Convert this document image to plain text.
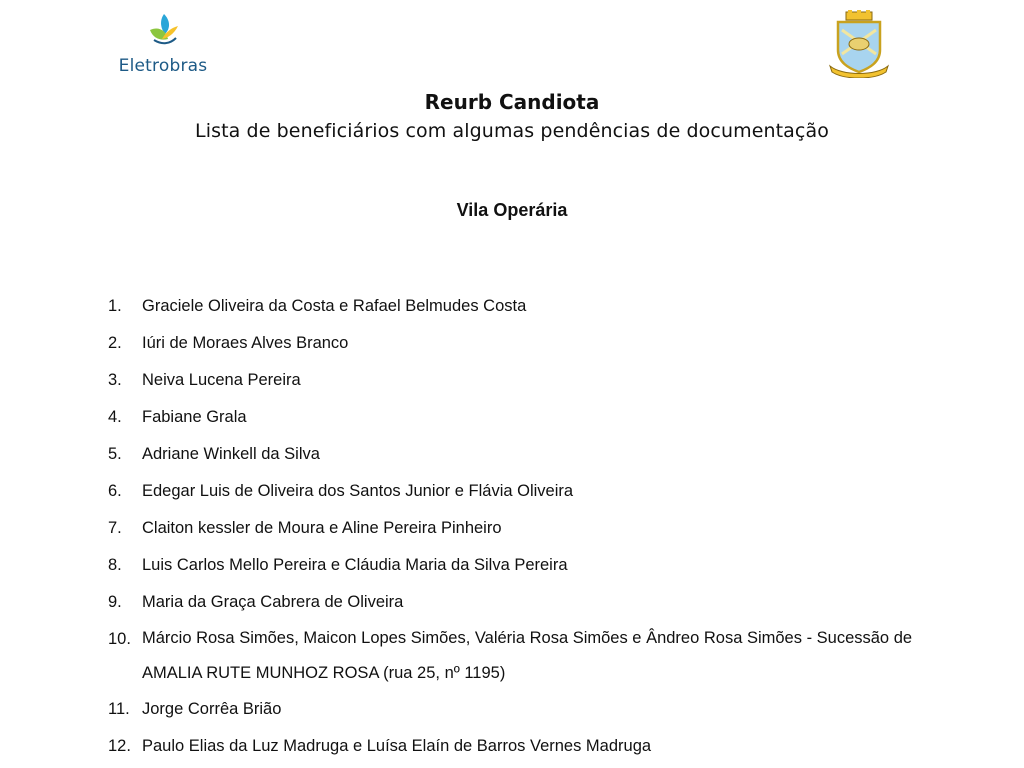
Eletrobras
Reurb Candiota
Lista de beneficiários com algumas pendências de documentação
Vila Operária
1.	Graciele Oliveira da Costa e Rafael Belmudes Costa
2.	Iúri de Moraes Alves Branco
3.	Neiva Lucena Pereira
4.	Fabiane Grala
5.	Adriane Winkell da Silva
6.	Edegar Luis de Oliveira dos Santos Junior e Flávia Oliveira
7.	Claiton kessler de Moura e Aline Pereira Pinheiro
8.	Luis Carlos Mello Pereira e Cláudia Maria da Silva Pereira
9.	Maria da Graça Cabrera de Oliveira
10. Márcio Rosa Simões, Maicon Lopes Simões, Valéria Rosa Simões e Ândreo Rosa Simões - Sucessão de AMALIA RUTE MUNHOZ ROSA (rua 25, nº 1195)
11. Jorge Corrêa Brião
12. Paulo Elias da Luz Madruga e Luísa Elaín de Barros Vernes Madruga
